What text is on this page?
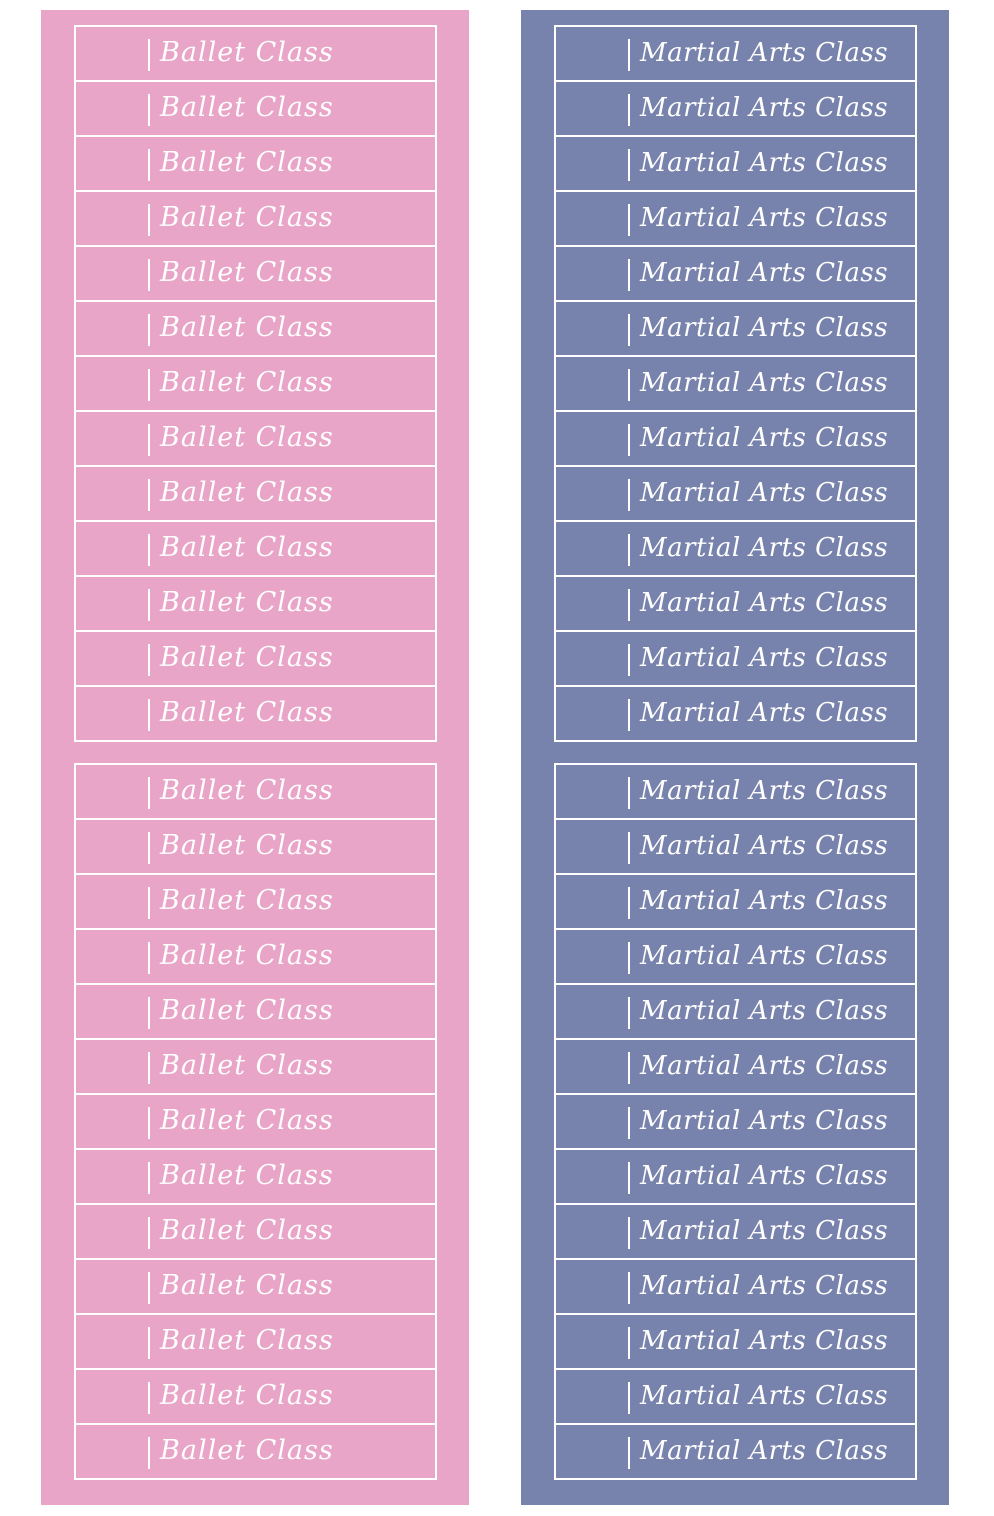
Ballet Class
Ballet Class
Ballet Class
Ballet Class
Ballet Class
Ballet Class
Ballet Class
Ballet Class
Ballet Class
Ballet Class
Ballet Class
Ballet Class
Ballet Class
Ballet Class
Ballet Class
Ballet Class
Ballet Class
Ballet Class
Ballet Class
Ballet Class
Ballet Class
Ballet Class
Ballet Class
Ballet Class
Ballet Class
Ballet Class
Martial Arts Class
Martial Arts Class
Martial Arts Class
Martial Arts Class
Martial Arts Class
Martial Arts Class
Martial Arts Class
Martial Arts Class
Martial Arts Class
Martial Arts Class
Martial Arts Class
Martial Arts Class
Martial Arts Class
Martial Arts Class
Martial Arts Class
Martial Arts Class
Martial Arts Class
Martial Arts Class
Martial Arts Class
Martial Arts Class
Martial Arts Class
Martial Arts Class
Martial Arts Class
Martial Arts Class
Martial Arts Class
Martial Arts Class
